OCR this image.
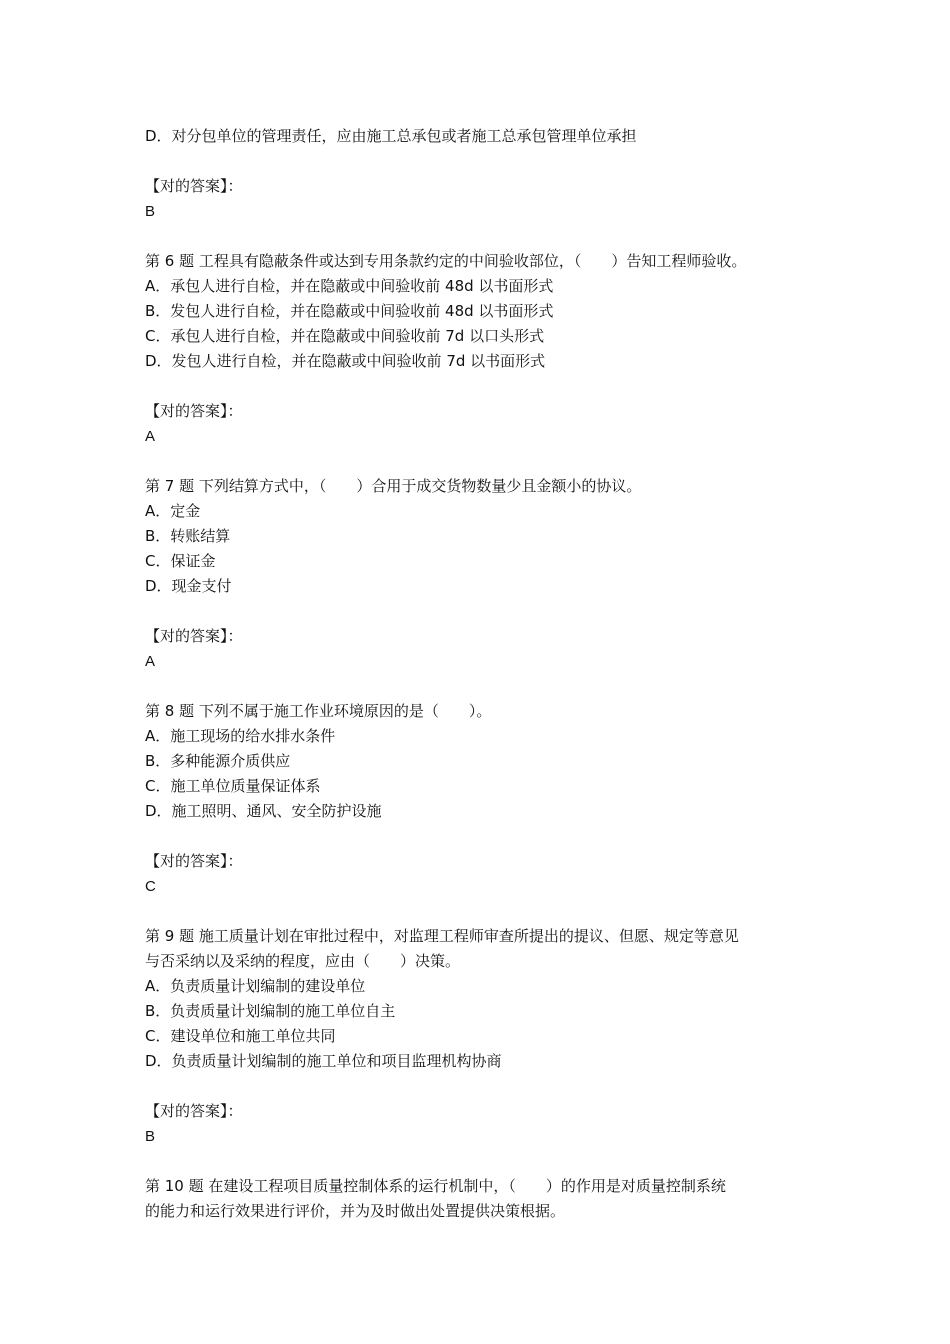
D．对分包单位的管理责任，应由施工总承包或者施工总承包管理单位承担
【对的答案】：
B
第 6 题 工程具有隐蔽条件或达到专用条款约定的中间验收部位，（　　）告知工程师验收。
A．承包人进行自检，并在隐蔽或中间验收前 48d 以书面形式
B．发包人进行自检，并在隐蔽或中间验收前 48d 以书面形式
C．承包人进行自检，并在隐蔽或中间验收前 7d 以口头形式
D．发包人进行自检，并在隐蔽或中间验收前 7d 以书面形式
【对的答案】：
A
第 7 题 下列结算方式中，（　　）合用于成交货物数量少且金额小的协议。
A．定金
B．转账结算
C．保证金
D．现金支付
【对的答案】：
A
第 8 题 下列不属于施工作业环境原因的是（　　）。
A．施工现场的给水排水条件
B．多种能源介质供应
C．施工单位质量保证体系
D．施工照明、通风、安全防护设施
【对的答案】：
C
第 9 题 施工质量计划在审批过程中，对监理工程师审查所提出的提议、但愿、规定等意见
与否采纳以及采纳的程度，应由（　　）决策。
A．负责质量计划编制的建设单位
B．负责质量计划编制的施工单位自主
C．建设单位和施工单位共同
D．负责质量计划编制的施工单位和项目监理机构协商
【对的答案】：
B
第 10 题 在建设工程项目质量控制体系的运行机制中，（　　）的作用是对质量控制系统
的能力和运行效果进行评价，并为及时做出处置提供决策根据。
